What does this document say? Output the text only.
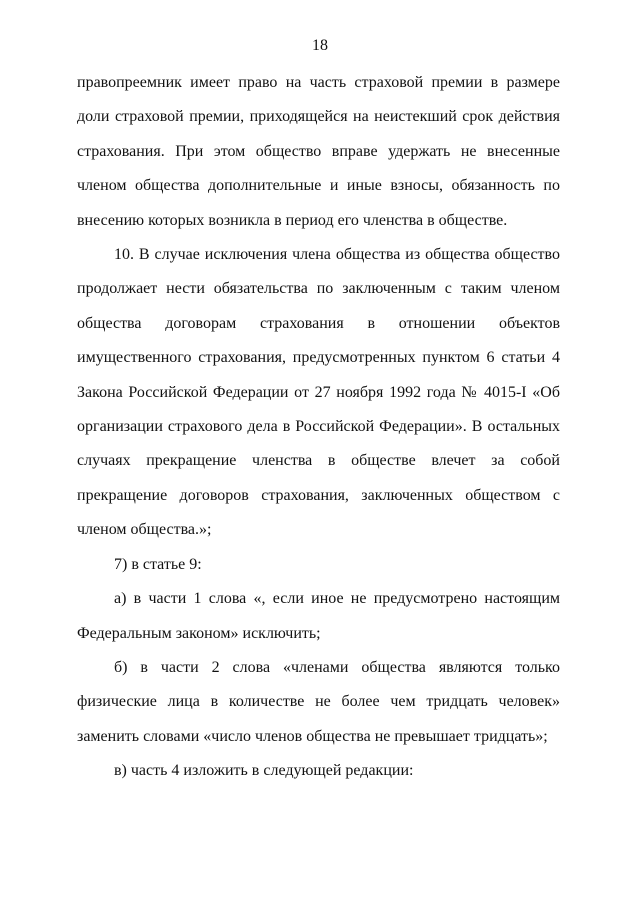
18

правопреемник имеет право на часть страховой премии в размере доли страховой премии, приходящейся на неистекший срок действия страхования. При этом общество вправе удержать не внесенные членом общества дополнительные и иные взносы, обязанность по внесению которых возникла в период его членства в обществе.

10. В случае исключения члена общества из общества общество продолжает нести обязательства по заключенным с таким членом общества договорам страхования в отношении объектов имущественного страхования, предусмотренных пунктом 6 статьи 4 Закона Российской Федерации от 27 ноября 1992 года № 4015-I «Об организации страхового дела в Российской Федерации». В остальных случаях прекращение членства в обществе влечет за собой прекращение договоров страхования, заключенных обществом с членом общества.»;

7) в статье 9:

а) в части 1 слова «, если иное не предусмотрено настоящим Федеральным законом» исключить;

б) в части 2 слова «членами общества являются только физические лица в количестве не более чем тридцать человек» заменить словами «число членов общества не превышает тридцать»;

в) часть 4 изложить в следующей редакции:
